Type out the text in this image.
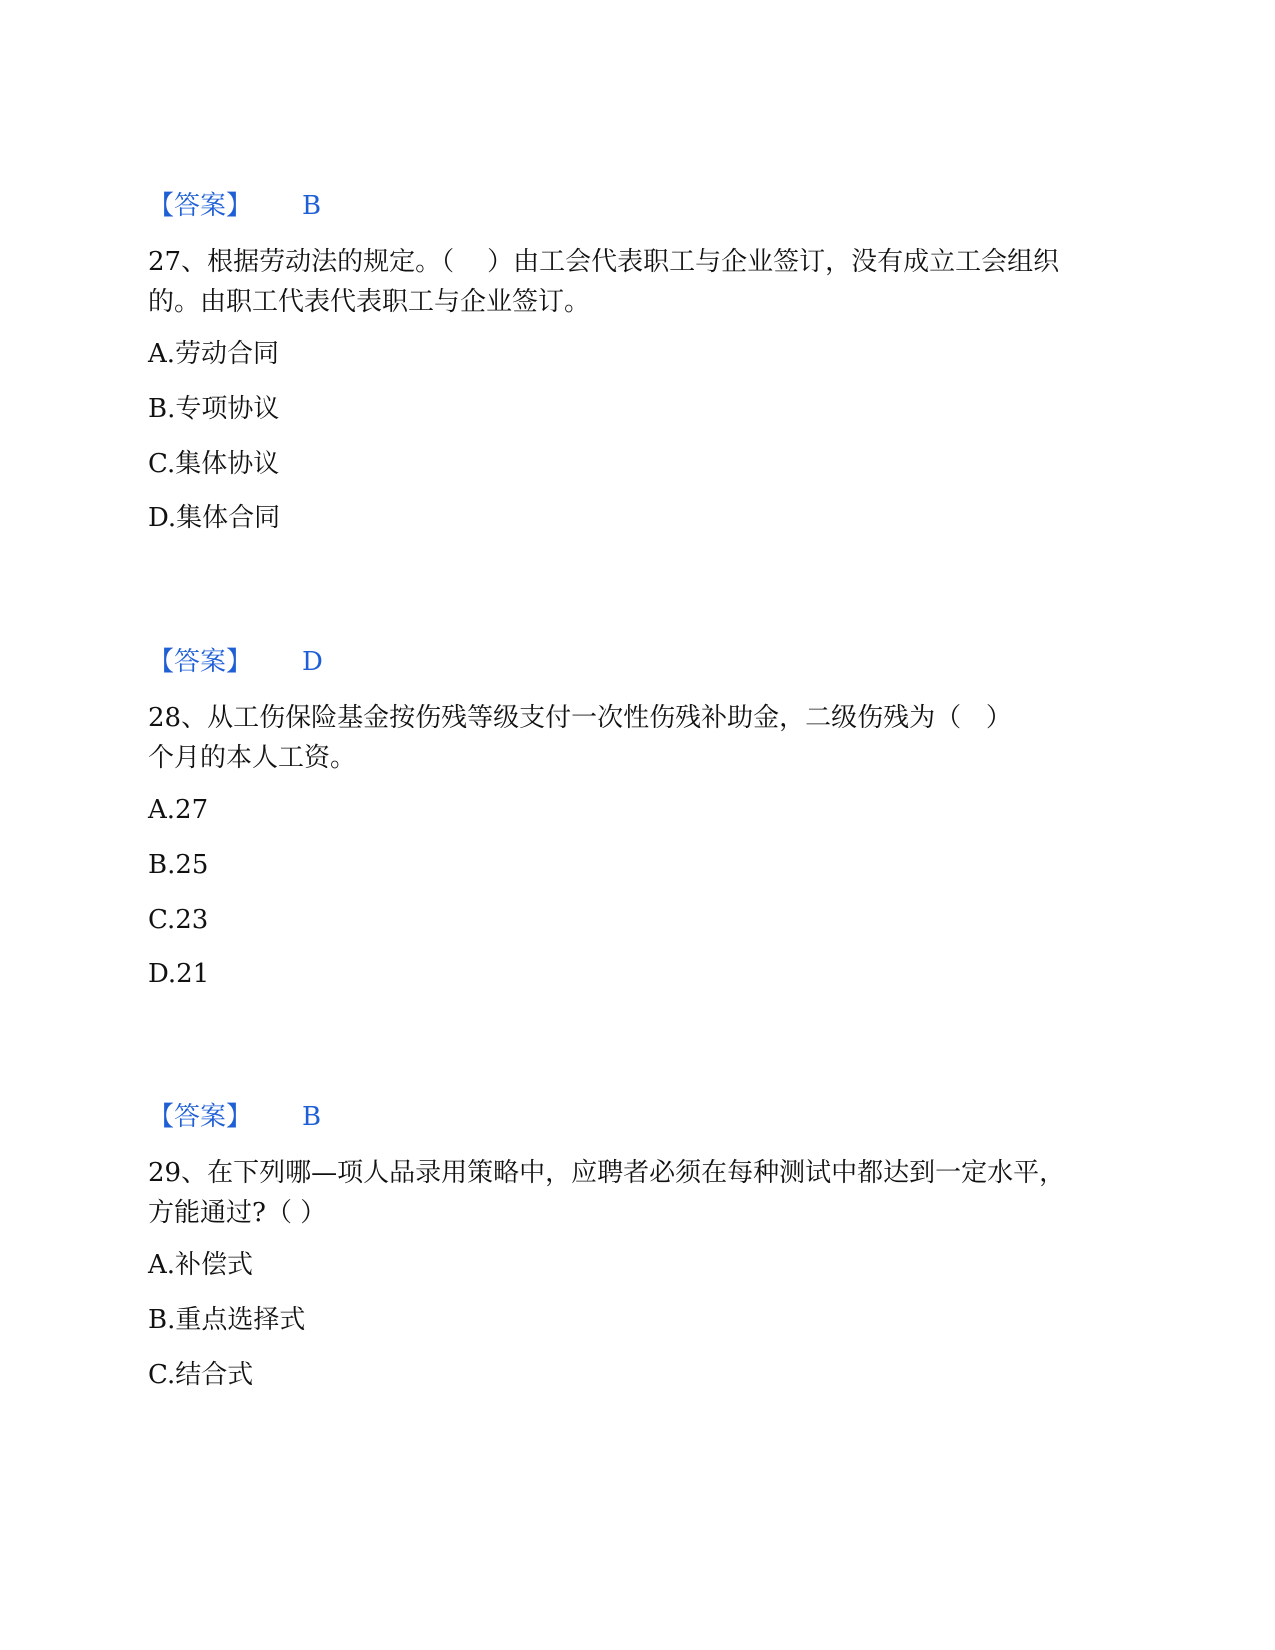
【答案】 B

27、根据劳动法的规定。（    ）由工会代表职工与企业签订，没有成立工会组织的。由职工代表代表职工与企业签订。

A.劳动合同
B.专项协议
C.集体协议
D.集体合同
【答案】 D

28、从工伤保险基金按伤残等级支付一次性伤残补助金，二级伤残为（   ）个月的本人工资。

A.27
B.25
C.23
D.21
【答案】 B

29、在下列哪—项人品录用策略中，应聘者必须在每种测试中都达到一定水平，方能通过?（ ）

A.补偿式
B.重点选择式
C.结合式
